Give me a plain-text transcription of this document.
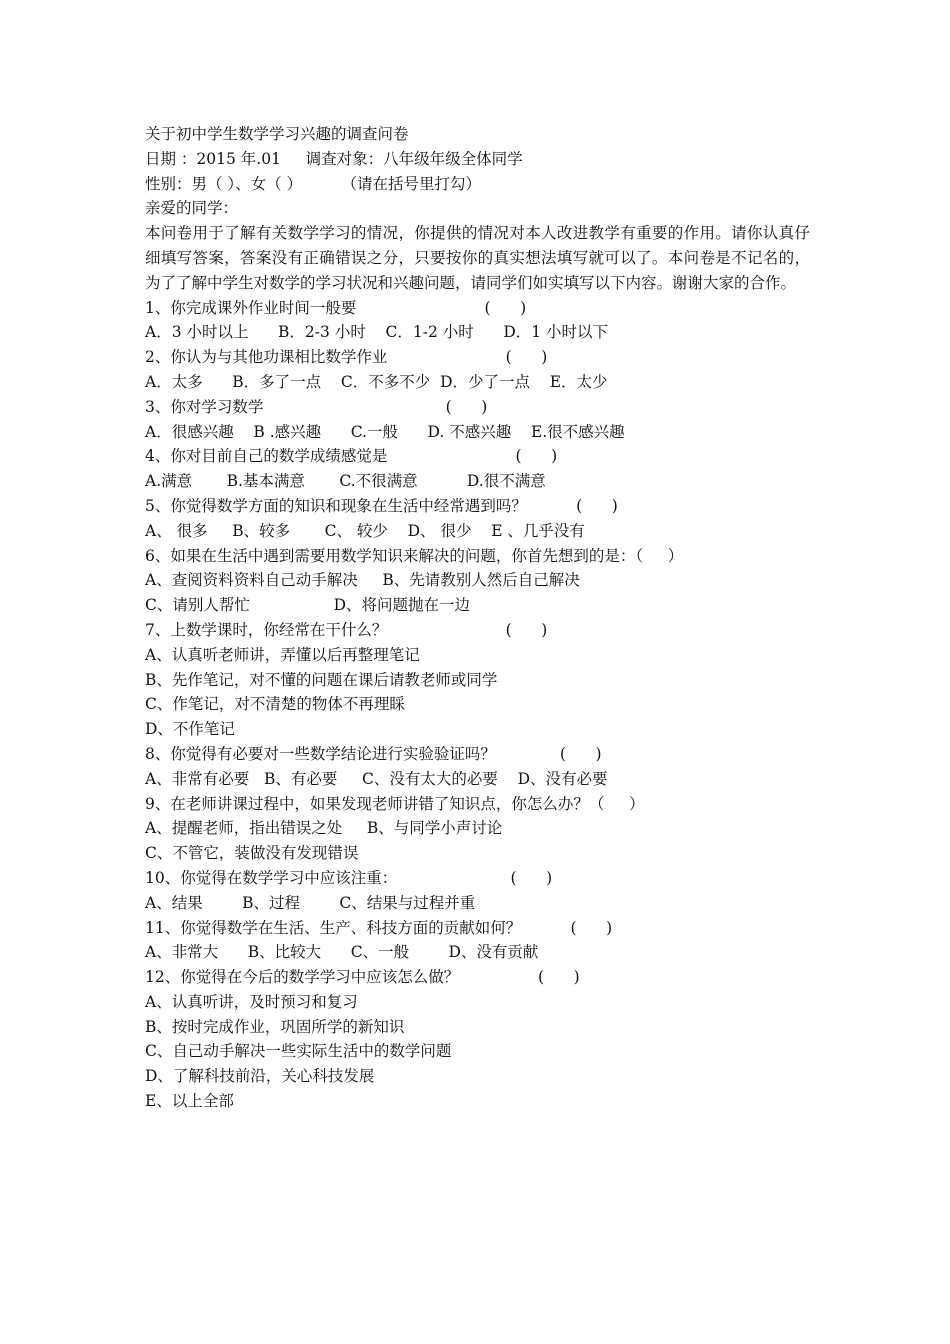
关于初中学生数学学习兴趣的调查问卷
日期 ：2015 年.01     调查对象：八年级年级全体同学
性别：男（ ）、女（ ）        （请在括号里打勾）
亲爱的同学：
本问卷用于了解有关数学学习的情况，你提供的情况对本人改进教学有重要的作用。请你认真仔细填写答案，答案没有正确错误之分，只要按你的真实想法填写就可以了。本问卷是不记名的，为了了解中学生对数学的学习状况和兴趣问题，请同学们如实填写以下内容。谢谢大家的合作。
1、你完成课外作业时间一般要                          (      )
A．3 小时以上      B．2-3 小时    C．1-2 小时      D．1 小时以下
2、你认为与其他功课相比数学作业                        (      )
A．太多      B．多了一点    C．不多不少  D．少了一点    E．太少
3、你对学习数学                                     (      )
A．很感兴趣    B .感兴趣      C.一般      D. 不感兴趣    E.很不感兴趣
4、你对目前自己的数学成绩感觉是                          (      )
A.满意       B.基本满意       C.不很满意          D.很不满意
5、你觉得数学方面的知识和现象在生活中经常遇到吗？          (      )
A、 很多     B、较多       C、 较少    D、 很少    E 、几乎没有
6、如果在生活中遇到需要用数学知识来解决的问题，你首先想到的是：（     ）
A、查阅资料资料自己动手解决     B、先请教别人然后自己解决
C、请别人帮忙                 D、将问题抛在一边
7、上数学课时，你经常在干什么？                        (      )
A、认真听老师讲，弄懂以后再整理笔记
B、先作笔记，对不懂的问题在课后请教老师或同学
C、作笔记，对不清楚的物体不再理睬
D、不作笔记
8、你觉得有必要对一些数学结论进行实验验证吗？             (      )
A、非常有必要   B、有必要     C、没有太大的必要    D、没有必要
9、在老师讲课过程中，如果发现老师讲错了知识点，你怎么办？（     ）
A、提醒老师，指出错误之处     B、与同学小声讨论
C、不管它，装做没有发现错误
10、你觉得在数学学习中应该注重：                       (      )
A、结果        B、过程        C、结果与过程并重
11、你觉得数学在生活、生产、科技方面的贡献如何？          (      )
A、非常大      B、比较大      C、一般        D、没有贡献
12、你觉得在今后的数学学习中应该怎么做？                (      )
A、认真听讲，及时预习和复习
B、按时完成作业，巩固所学的新知识
C、自己动手解决一些实际生活中的数学问题
D、了解科技前沿，关心科技发展
E、以上全部
